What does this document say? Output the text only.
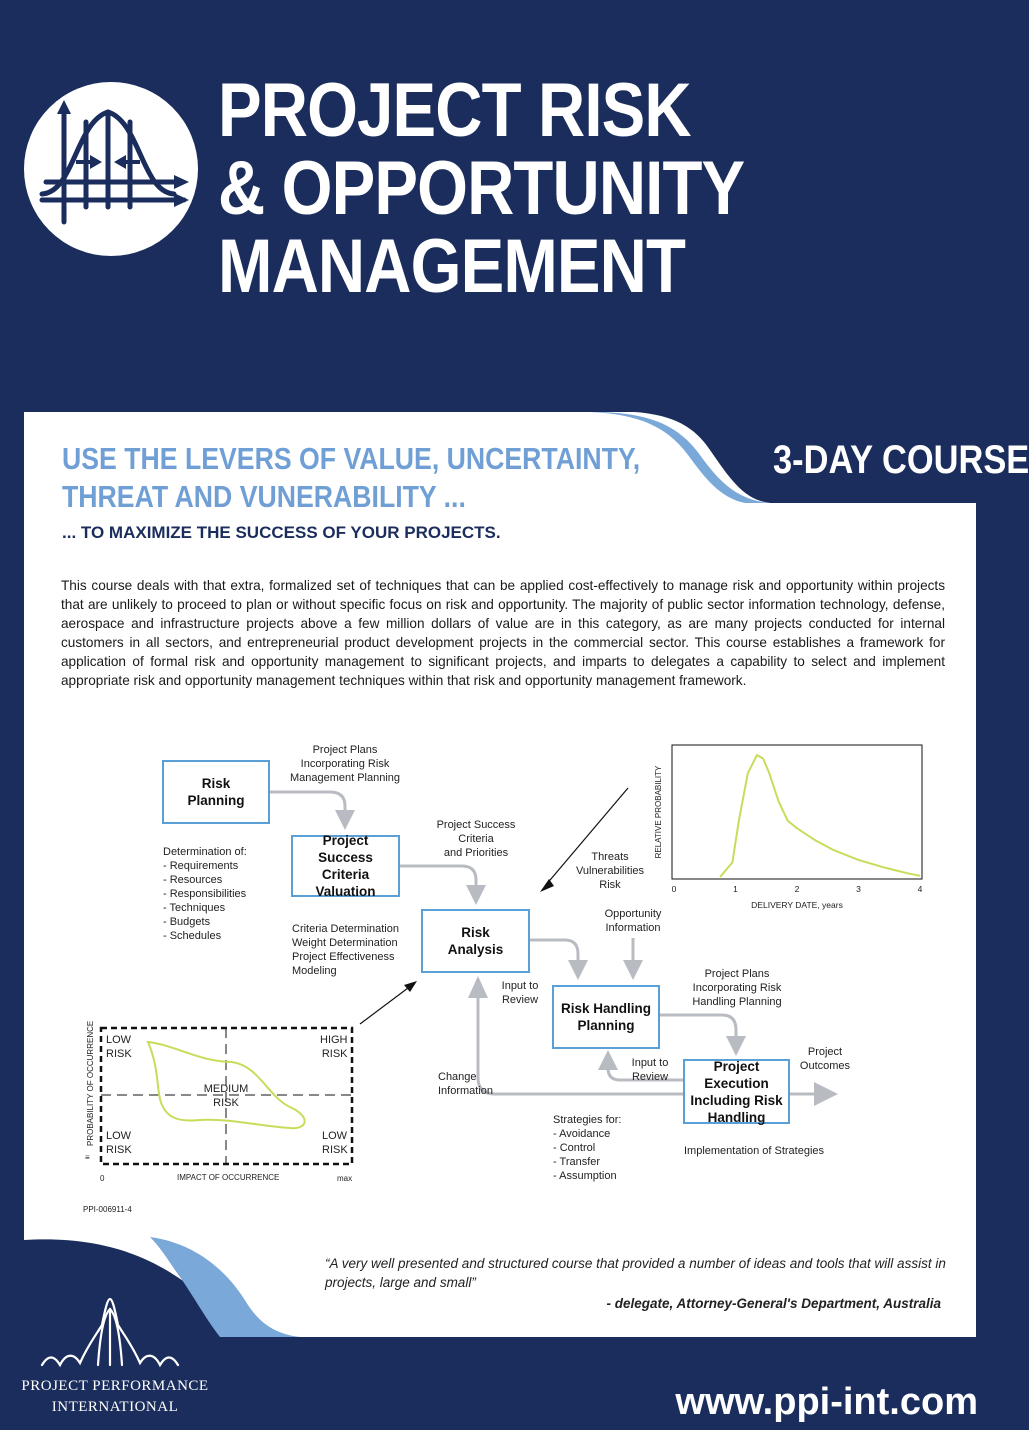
PROJECT RISK
& OPPORTUNITY
MANAGEMENT
3-DAY COURSE
USE THE LEVERS OF VALUE, UNCERTAINTY,
THREAT AND VUNERABILITY ...
... TO MAXIMIZE THE SUCCESS OF YOUR PROJECTS.
This course deals with that extra, formalized set of techniques that can be applied cost-effectively to manage risk and opportunity within projects that are unlikely to proceed to plan or without specific focus on risk and opportunity. The majority of public sector information technology, defense, aerospace and infrastructure projects above a few million dollars of value are in this category, as are many projects conducted for internal customers in all sectors, and entrepreneurial product development projects in the commercial sector. This course establishes a framework for application of formal risk and opportunity management to significant projects, and imparts to delegates a capability to select and implement appropriate risk and opportunity management techniques within that risk and opportunity management framework.
Risk
Planning
Project
Success Criteria
Valuation
Risk
Analysis
Risk Handling
Planning
Project Execution
Including Risk
Handling
Project Plans
Incorporating Risk
Management Planning
Determination of:
- Requirements
- Resources
- Responsibilities
- Techniques
- Budgets
- Schedules
Project Success
Criteria
and Priorities	Threats
Vulnerabilities
Risk
Opportunity
Information
Criteria Determination
Weight Determination
Project Effectiveness
Modeling
Input to
Review
Project Plans
Incorporating Risk
Handling Planning
Input to
Review
Change
Information
Project
Outcomes
Strategies for:
- Avoidance
- Control
- Transfer
- Assumption
Implementation of Strategies
PPI-006911-4
LOW
RISK
HIGH
RISK
MEDIUM
RISK
LOW
RISK
LOW
RISK
PROBABILITY OF OCCURRENCE
IMPACT OF OCCURRENCE
0	max
≡
RELATIVE PROBABILITY
DELIVERY DATE, years
0	1	2	3	4
“A very well presented and structured course that provided a number of ideas and tools that will assist in projects, large and small”
- delegate, Attorney-General's Department, Australia
PROJECT PERFORMANCE
INTERNATIONAL	www.ppi-int.com
